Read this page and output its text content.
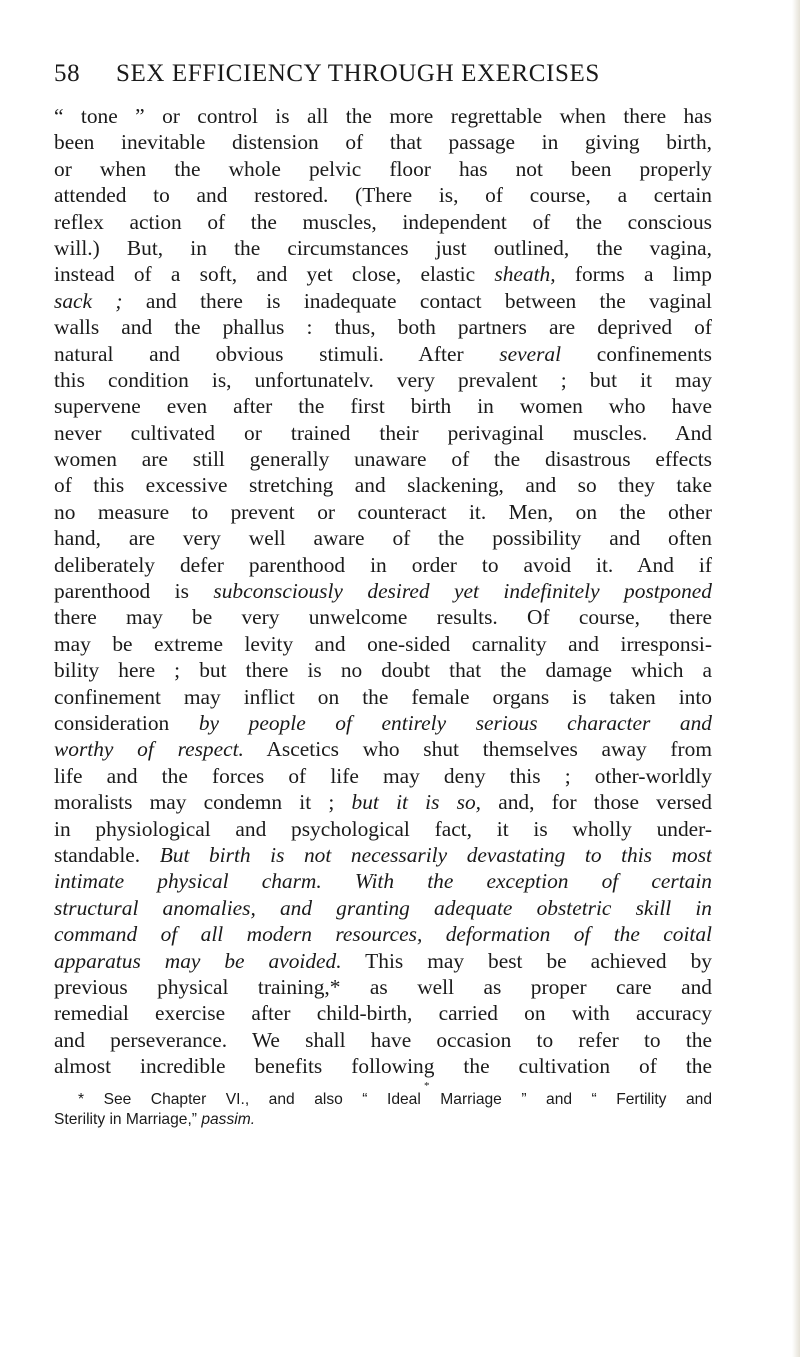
58 SEX EFFICIENCY THROUGH EXERCISES
“ tone ” or control is all the more regrettable when there has
been inevitable distension of that passage in giving birth,
or when the whole pelvic floor has not been properly
attended to and restored. (There is, of course, a certain
reflex action of the muscles, independent of the conscious
will.) But, in the circumstances just outlined, the vagina,
instead of a soft, and yet close, elastic sheath, forms a limp
sack ; and there is inadequate contact between the vaginal
walls and the phallus : thus, both partners are deprived of
natural and obvious stimuli. After several confinements
this condition is, unfortunatelv. very prevalent ; but it may
supervene even after the first birth in women who have
never cultivated or trained their perivaginal muscles. And
women are still generally unaware of the disastrous effects
of this excessive stretching and slackening, and so they take
no measure to prevent or counteract it. Men, on the other
hand, are very well aware of the possibility and often
deliberately defer parenthood in order to avoid it. And if
parenthood is subconsciously desired yet indefinitely postponed
there may be very unwelcome results. Of course, there
may be extreme levity and one-sided carnality and irresponsi-
bility here ; but there is no doubt that the damage which a
confinement may inflict on the female organs is taken into
consideration by people of entirely serious character and
worthy of respect. Ascetics who shut themselves away from
life and the forces of life may deny this ; other-worldly
moralists may condemn it ; but it is so, and, for those versed
in physiological and psychological fact, it is wholly under-
standable. But birth is not necessarily devastating to this most
intimate physical charm. With the exception of certain
structural anomalies, and granting adequate obstetric skill in
command of all modern resources, deformation of the coital
apparatus may be avoided. This may best be achieved by
previous physical training,* as well as proper care and
remedial exercise after child-birth, carried on with accuracy
and perseverance. We shall have occasion to refer to the
almost incredible benefits following the cultivation of the
*
* See Chapter VI., and also “ Ideal Marriage ” and “ Fertility and
Sterility in Marriage,” passim.
